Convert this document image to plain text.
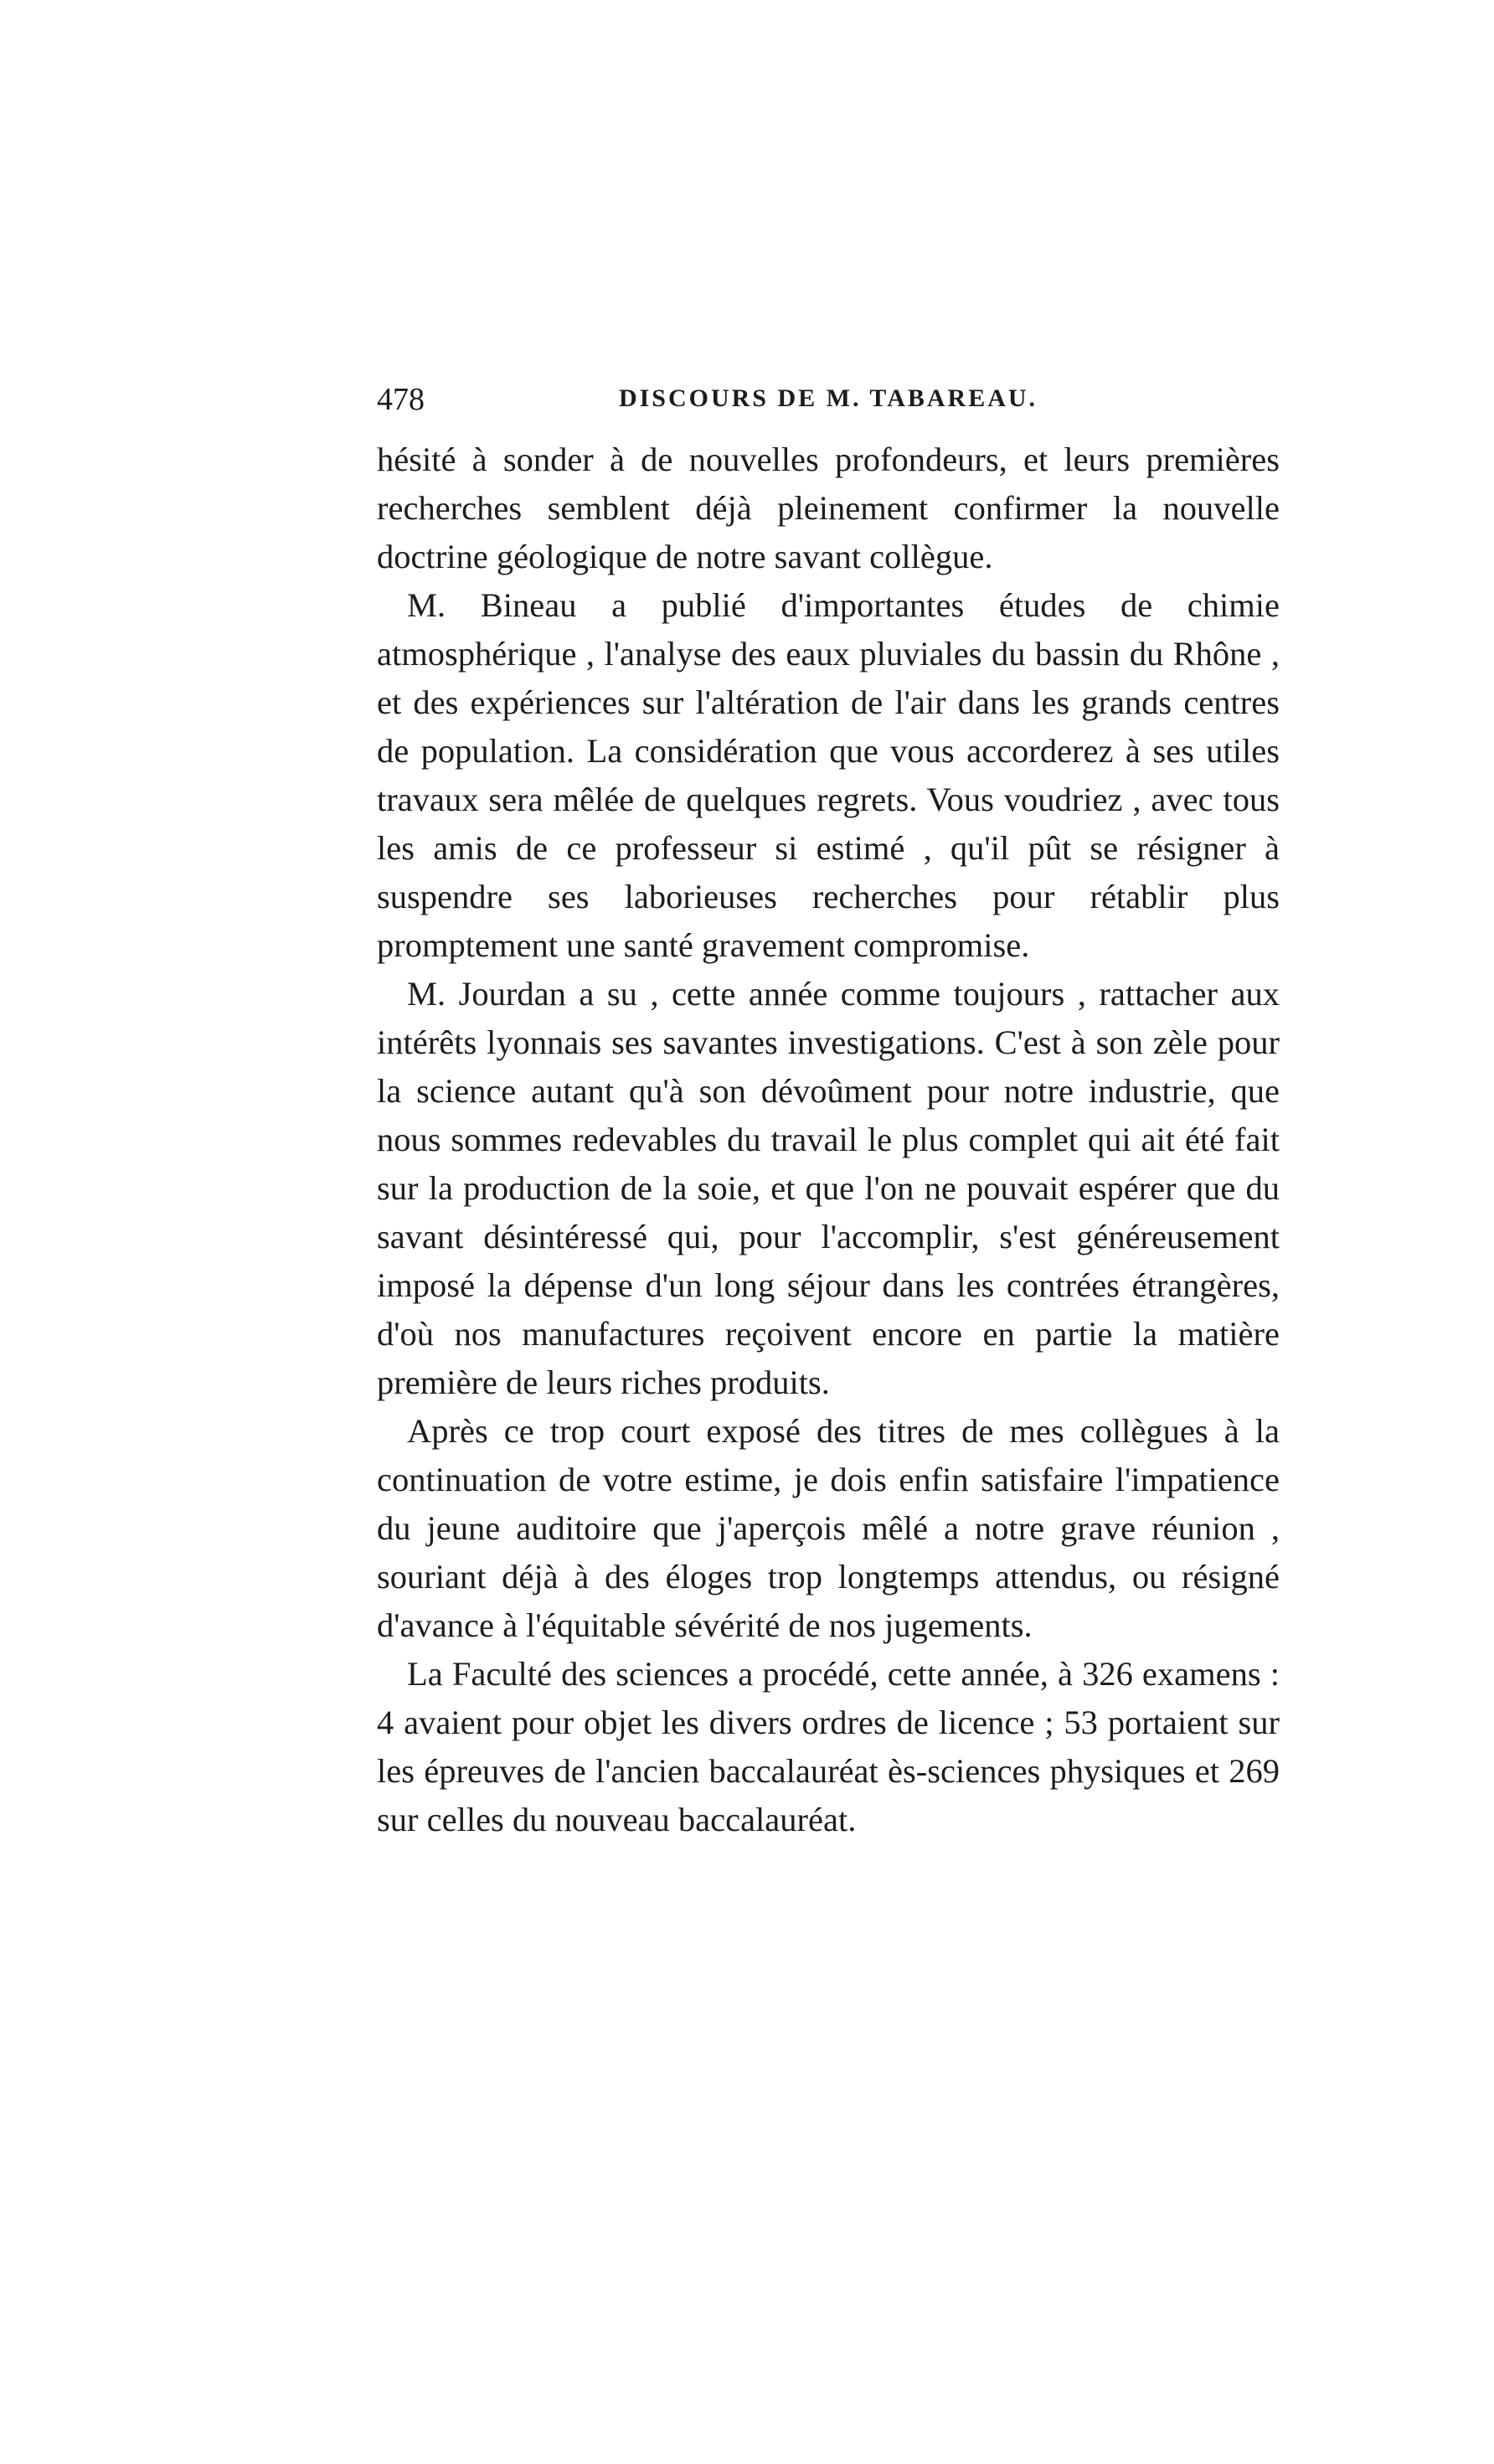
478	DISCOURS DE M. TABAREAU.

hésité à sonder à de nouvelles profondeurs, et leurs premières recherches semblent déjà pleinement confirmer la nouvelle doctrine géologique de notre savant collègue.

M. Bineau a publié d'importantes études de chimie atmosphérique , l'analyse des eaux pluviales du bassin du Rhône , et des expériences sur l'altération de l'air dans les grands centres de population. La considération que vous accorderez à ses utiles travaux sera mêlée de quelques regrets. Vous voudriez , avec tous les amis de ce professeur si estimé , qu'il pût se résigner à suspendre ses laborieuses recherches pour rétablir plus promptement une santé gravement compromise.

M. Jourdan a su , cette année comme toujours , rattacher aux intérêts lyonnais ses savantes investigations. C'est à son zèle pour la science autant qu'à son dévoûment pour notre industrie, que nous sommes redevables du travail le plus complet qui ait été fait sur la production de la soie, et que l'on ne pouvait espérer que du savant désintéressé qui, pour l'accomplir, s'est généreusement imposé la dépense d'un long séjour dans les contrées étrangères, d'où nos manufactures reçoivent encore en partie la matière première de leurs riches produits.

Après ce trop court exposé des titres de mes collègues à la continuation de votre estime, je dois enfin satisfaire l'impatience du jeune auditoire que j'aperçois mêlé a notre grave réunion , souriant déjà à des éloges trop longtemps attendus, ou résigné d'avance à l'équitable sévérité de nos jugements.

La Faculté des sciences a procédé, cette année, à 326 examens : 4 avaient pour objet les divers ordres de licence ; 53 portaient sur les épreuves de l'ancien baccalauréat ès-sciences physiques et 269 sur celles du nouveau baccalauréat.
